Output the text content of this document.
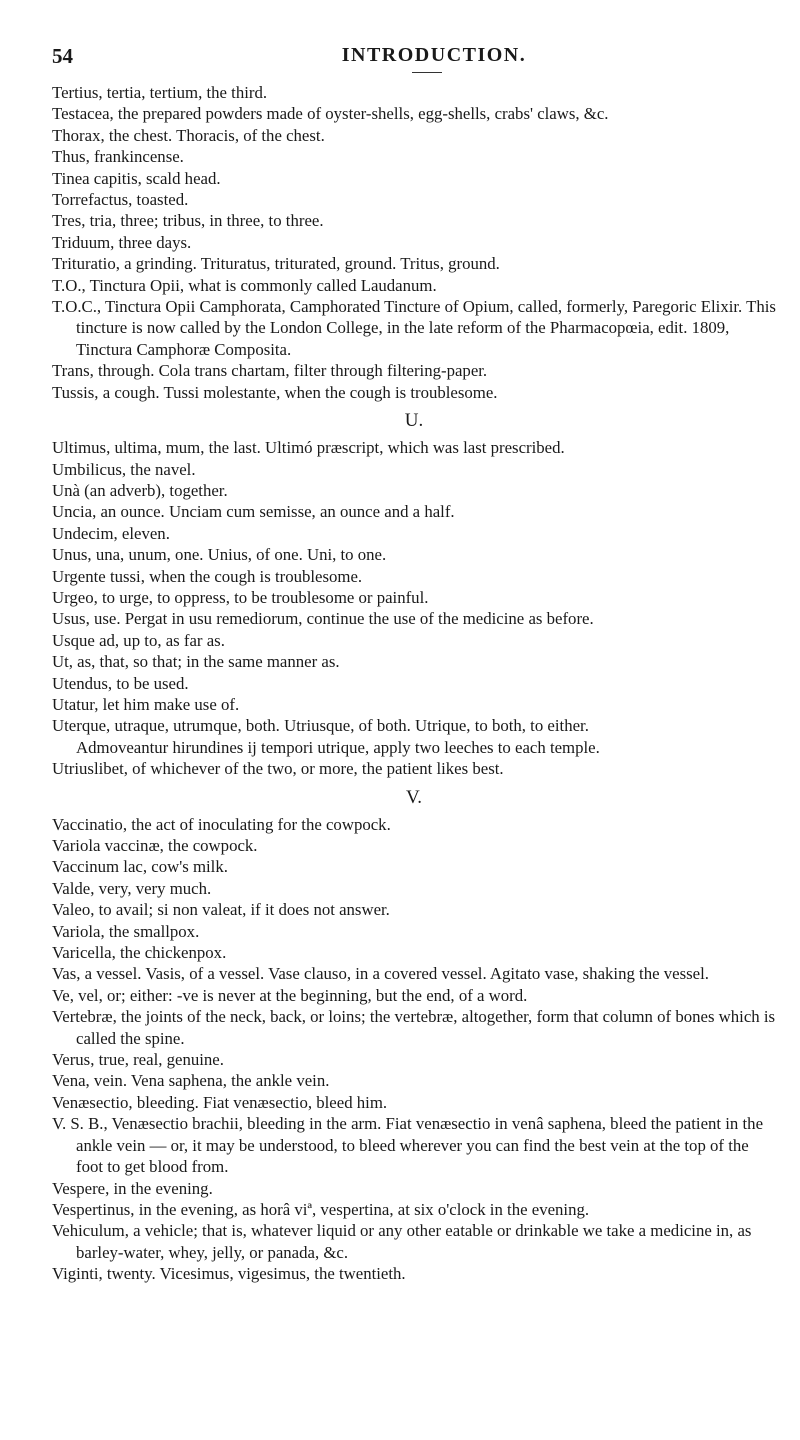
54	INTRODUCTION.

Tertius, tertia, tertium, the third.

Testacea, the prepared powders made of oyster-shells, egg-shells, crabs' claws, &c.

Thorax, the chest. Thoracis, of the chest.

Thus, frankincense.

Tinea capitis, scald head.

Torrefactus, toasted.

Tres, tria, three; tribus, in three, to three.

Triduum, three days.

Trituratio, a grinding. Trituratus, triturated, ground. Tritus, ground.

T.O., Tinctura Opii, what is commonly called Laudanum.

T.O.C., Tinctura Opii Camphorata, Camphorated Tincture of Opium, called, formerly, Paregoric Elixir. This tincture is now called by the London College, in the late reform of the Pharmacopœia, edit. 1809, Tinctura Camphoræ Composita.

Trans, through. Cola trans chartam, filter through filtering-paper.

Tussis, a cough. Tussi molestante, when the cough is troublesome.

U.

Ultimus, ultima, mum, the last. Ultimó præscript, which was last prescribed.

Umbilicus, the navel.

Unà (an adverb), together.

Uncia, an ounce. Unciam cum semisse, an ounce and a half.

Undecim, eleven.

Unus, una, unum, one. Unius, of one. Uni, to one.

Urgente tussi, when the cough is troublesome.

Urgeo, to urge, to oppress, to be troublesome or painful.

Usus, use. Pergat in usu remediorum, continue the use of the medicine as before.

Usque ad, up to, as far as.

Ut, as, that, so that; in the same manner as.

Utendus, to be used.

Utatur, let him make use of.

Uterque, utraque, utrumque, both. Utriusque, of both. Utrique, to both, to either.

Admoveantur hirundines ij tempori utrique, apply two leeches to each temple.

Utriuslibet, of whichever of the two, or more, the patient likes best.

V.

Vaccinatio, the act of inoculating for the cowpock.

Variola vaccinæ, the cowpock.

Vaccinum lac, cow's milk.

Valde, very, very much.

Valeo, to avail; si non valeat, if it does not answer.

Variola, the smallpox.

Varicella, the chickenpox.

Vas, a vessel. Vasis, of a vessel. Vase clauso, in a covered vessel. Agitato vase, shaking the vessel.

Ve, vel, or; either: -ve is never at the beginning, but the end, of a word.

Vertebræ, the joints of the neck, back, or loins; the vertebræ, altogether, form that column of bones which is called the spine.

Verus, true, real, genuine.

Vena, vein. Vena saphena, the ankle vein.

Venæsectio, bleeding. Fiat venæsectio, bleed him.

V. S. B., Venæsectio brachii, bleeding in the arm. Fiat venæsectio in venâ saphena, bleed the patient in the ankle vein — or, it may be understood, to bleed wherever you can find the best vein at the top of the foot to get blood from.

Vespere, in the evening.

Vespertinus, in the evening, as horâ viª, vespertina, at six o'clock in the evening.

Vehiculum, a vehicle; that is, whatever liquid or any other eatable or drinkable we take a medicine in, as barley-water, whey, jelly, or panada, &c.

Viginti, twenty. Vicesimus, vigesimus, the twentieth.
